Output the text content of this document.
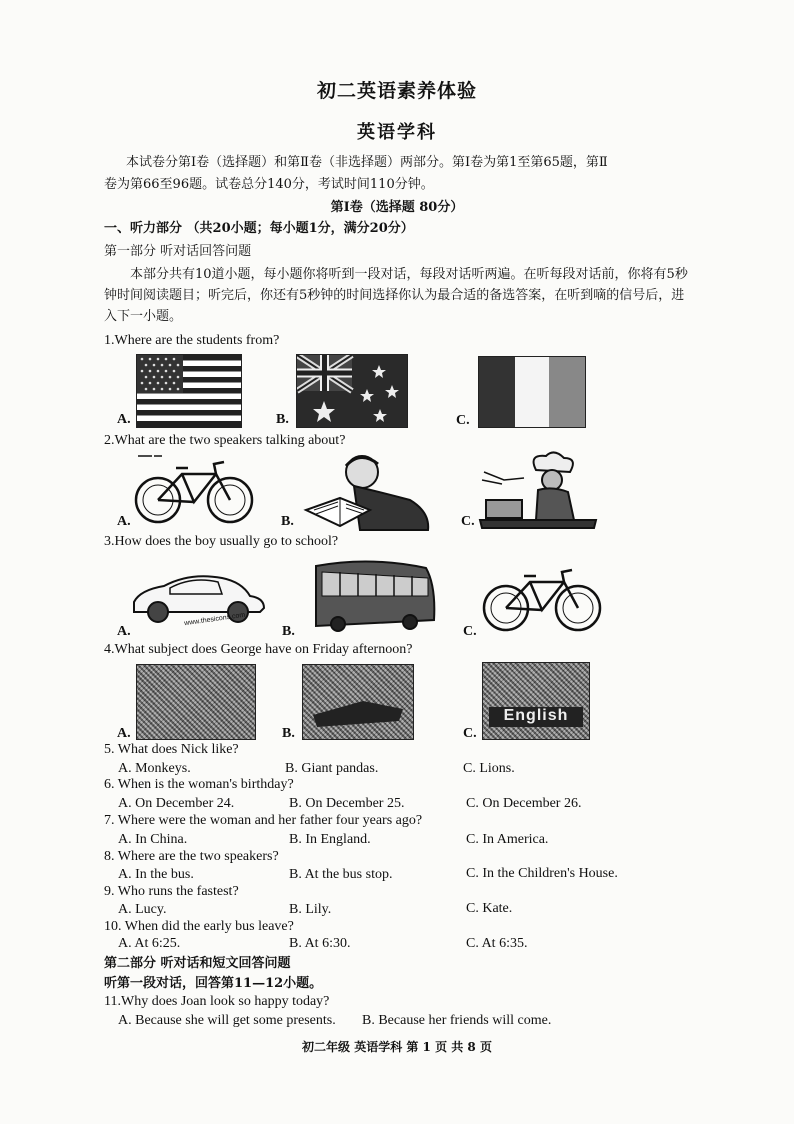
初二英语素养体验
英语学科
本试卷分第Ⅰ卷（选择题）和第Ⅱ卷（非选择题）两部分。第Ⅰ卷为第1至第65题，第Ⅱ
卷为第66至96题。试卷总分140分，考试时间110分钟。
第Ⅰ卷（选择题 80分）
一、听力部分 （共20小题；每小题1分，满分20分）
第一部分 听对话回答问题
本部分共有10道小题，每小题你将听到一段对话，每段对话听两遍。在听每段对话前，你将有5秒钟时间阅读题目；听完后，你还有5秒钟的时间选择你认为最合适的备选答案，在听到嘀的信号后，进入下一小题。
1.Where are the students from?
A.	B.	C.
2.What are the two speakers talking about?
A.	B.	C.
3.How does the boy usually go to school?
A.
www.thesicons.com
B.	C.
4.What subject does George have on Friday afternoon?
A.	B.	C.
English
5. What does Nick like?
A. Monkeys.	B. Giant pandas.	C. Lions.
6. When is the woman's birthday?
A. On December 24.	B. On December 25.	C. On December 26.
7. Where were the woman and her father four years ago?
A. In China.	B. In England.	C. In America.
8. Where are the two speakers?
A. In the bus.	B. At the bus stop.	C. In the Children's House.
9. Who runs the fastest?
A. Lucy.	B. Lily.	C. Kate.
10. When did the early bus leave?
A. At 6:25.	B. At 6:30.	C. At 6:35.
第二部分 听对话和短文回答问题
听第一段对话，回答第11—12小题。
11.Why does Joan look so happy today?
A. Because she will get some presents. B. Because her friends will come.
初二年级 英语学科 第 1 页 共 8 页
